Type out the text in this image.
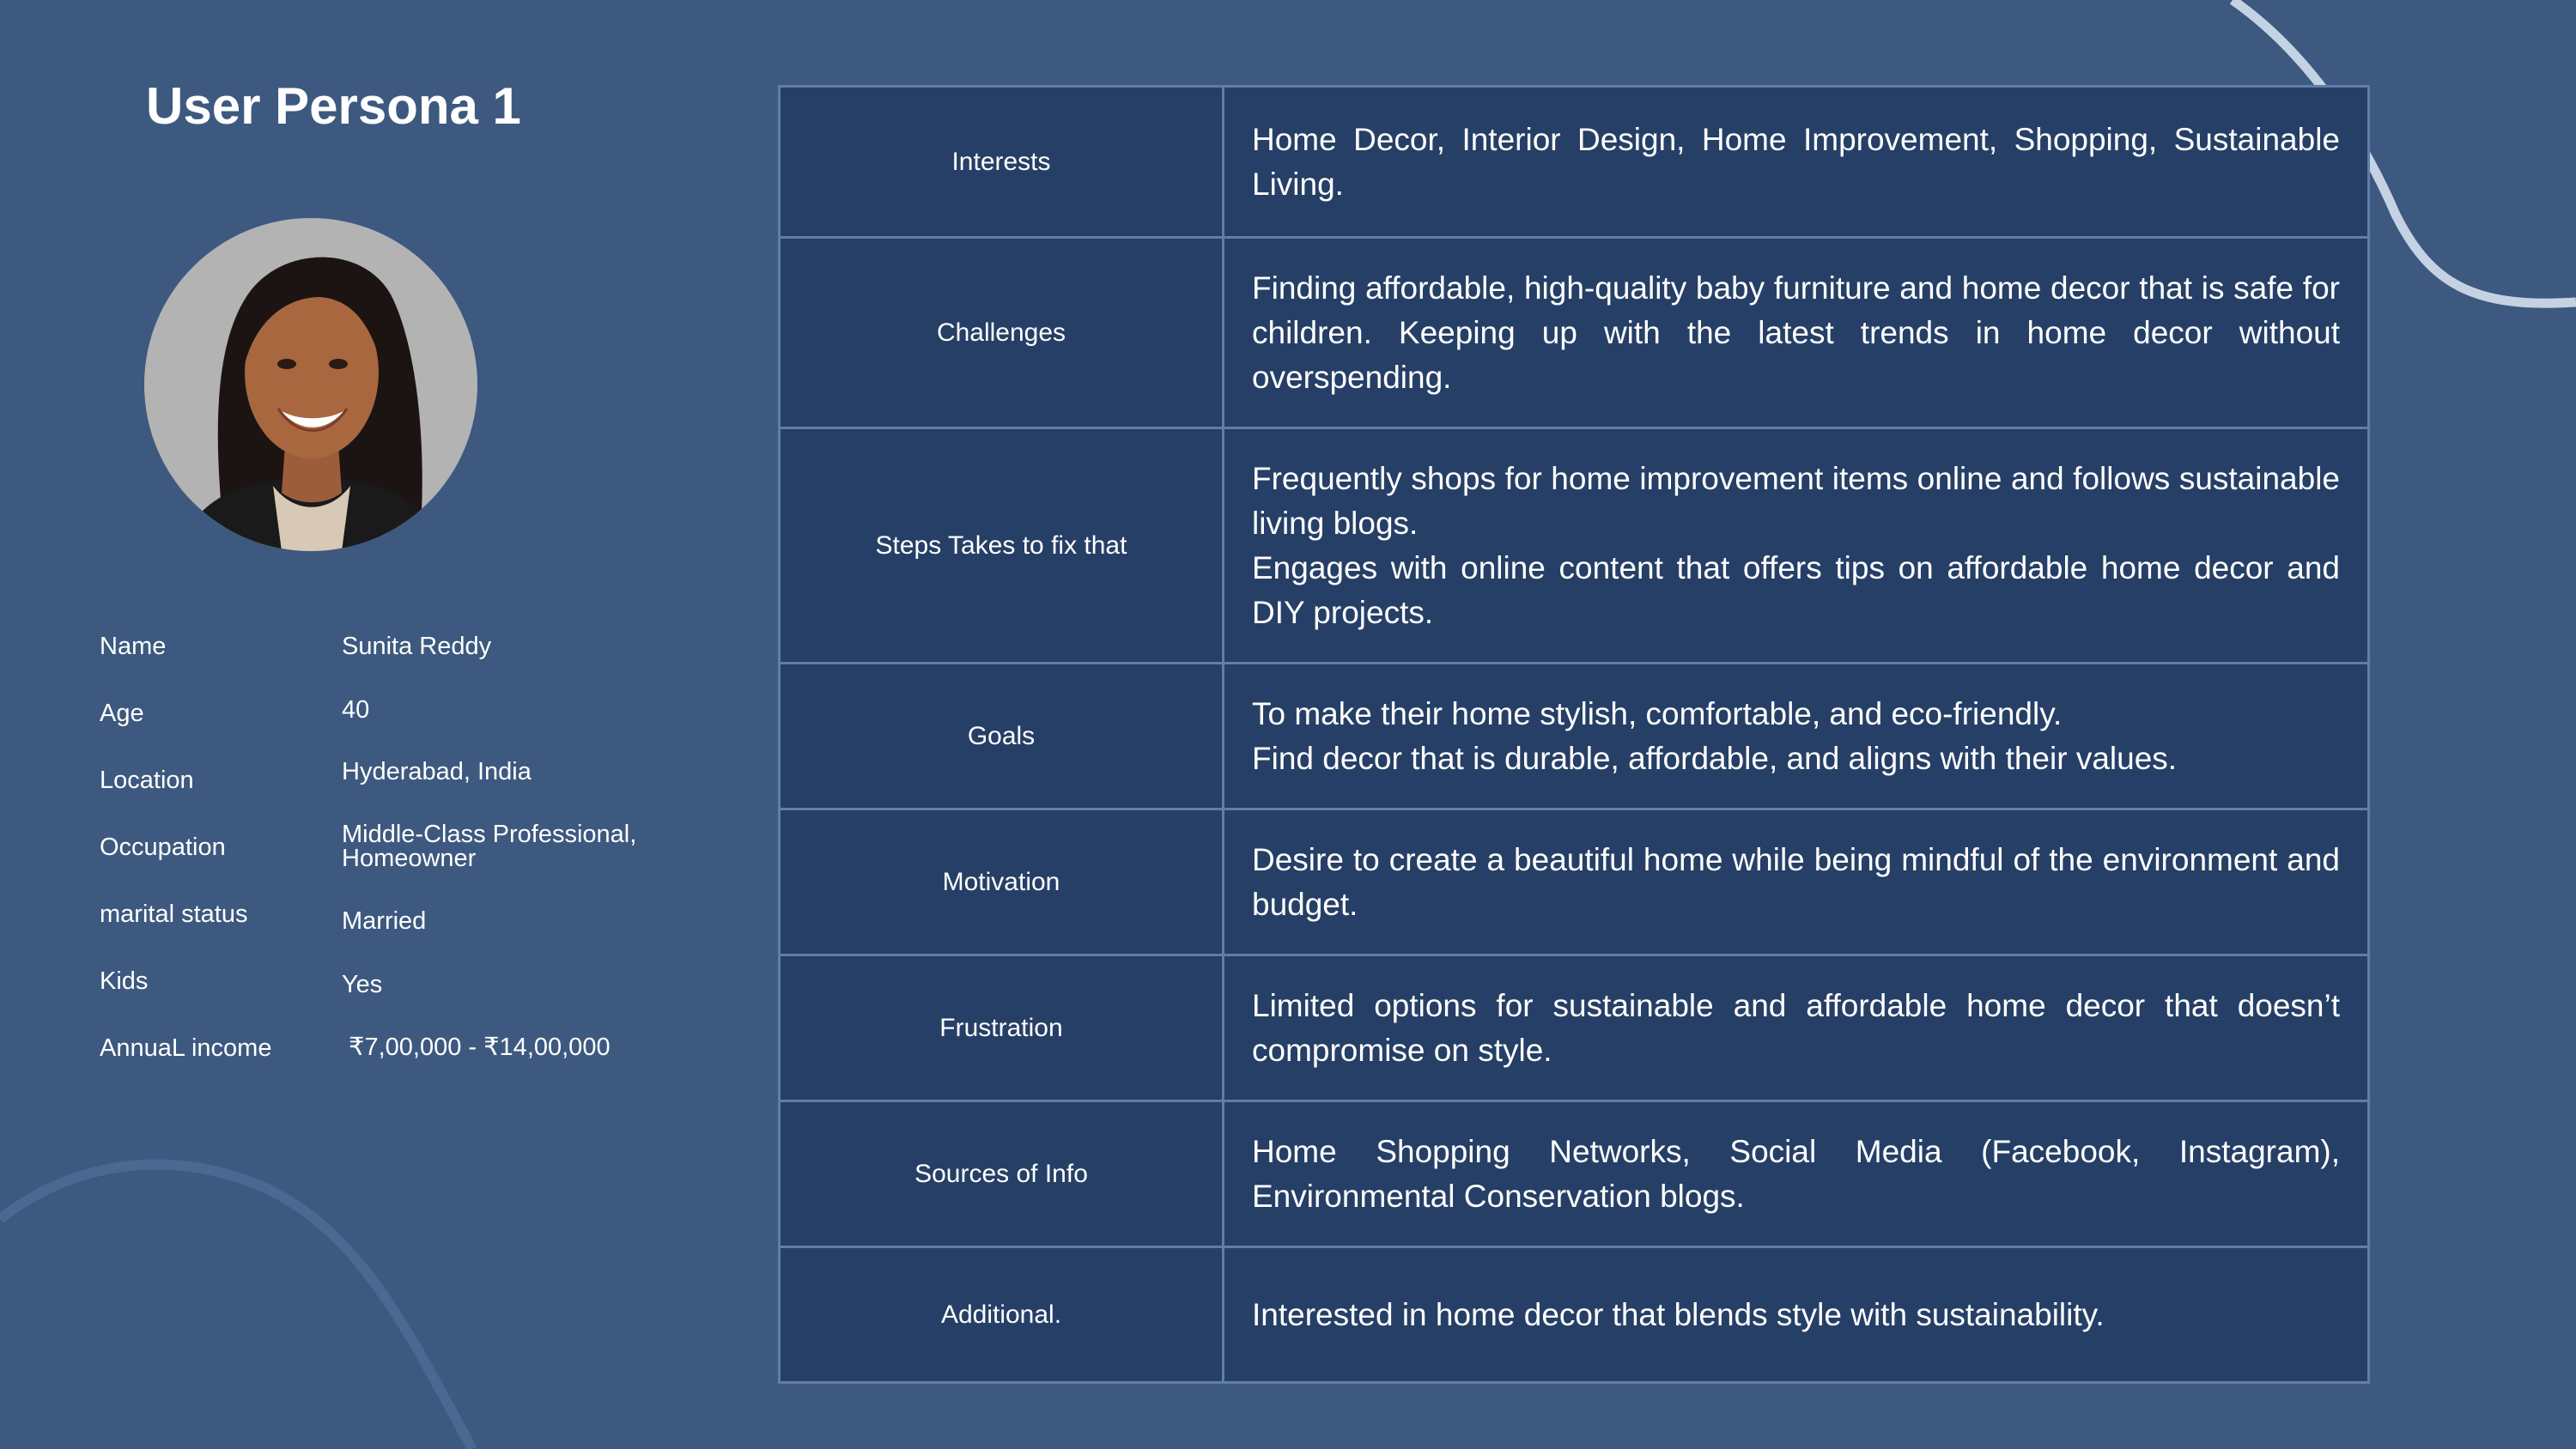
User Persona 1
Name	Sunita Reddy
Age	40
Location	Hyderabad, India
Occupation	Middle-Class Professional,
Homeowner
marital status	Married
Kids	Yes
AnnuaL income	₹7,00,000 - ₹14,00,000
Interests	Home Decor, Interior Design, Home Improvement, Shopping, Sustainable Living.

Challenges	Finding affordable, high-quality baby furniture and home decor that is safe for children. Keeping up with the latest trends in home decor without overspending.

Steps Takes to fix that	Frequently shops for home improvement items online and follows sustainable living blogs.
Engages with online content that offers tips on affordable home decor and DIY projects.

Goals	To make their home stylish, comfortable, and eco-friendly.
Find decor that is durable, affordable, and aligns with their values.

Motivation	Desire to create a beautiful home while being mindful of the environment and budget.

Frustration	Limited options for sustainable and affordable home decor that doesn’t compromise on style.

Sources of Info	Home Shopping Networks, Social Media (Facebook, Instagram), Environmental Conservation blogs.

Additional.	Interested in home decor that blends style with sustainability.
